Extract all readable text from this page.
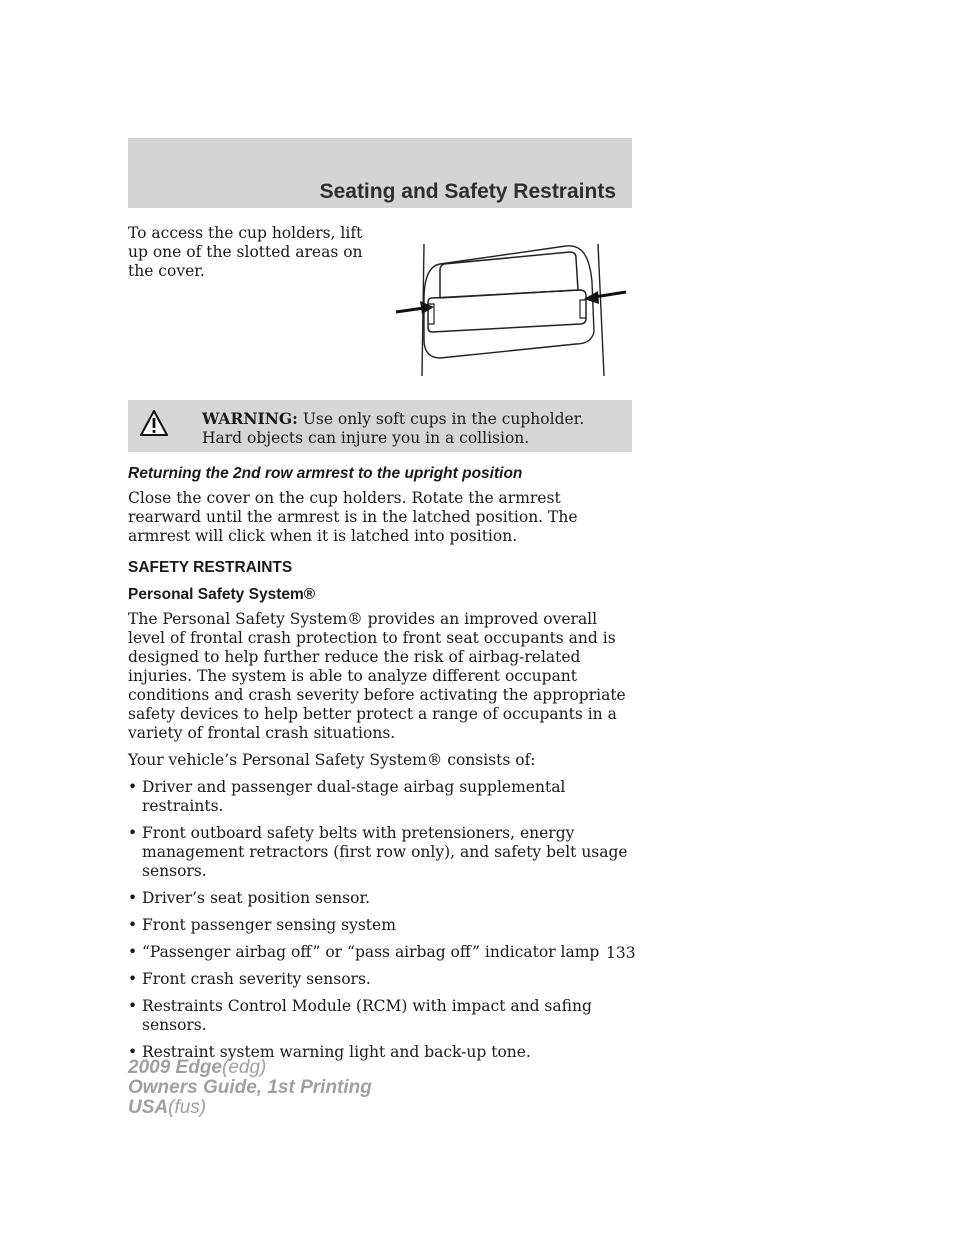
Seating and Safety Restraints
To access the cup holders, lift up one of the slotted areas on the cover.
WARNING: Use only soft cups in the cupholder. Hard objects can injure you in a collision.
Returning the 2nd row armrest to the upright position

Close the cover on the cup holders. Rotate the armrest rearward until the armrest is in the latched position. The armrest will click when it is latched into position.

SAFETY RESTRAINTS
Personal Safety System®

The Personal Safety System® provides an improved overall level of frontal crash protection to front seat occupants and is designed to help further reduce the risk of airbag-related injuries. The system is able to analyze different occupant conditions and crash severity before activating the appropriate safety devices to help better protect a range of occupants in a variety of frontal crash situations.

Your vehicle’s Personal Safety System® consists of:

• Driver and passenger dual-stage airbag supplemental restraints.
• Front outboard safety belts with pretensioners, energy management retractors (first row only), and safety belt usage sensors.
• Driver’s seat position sensor.
• Front passenger sensing system
• “Passenger airbag off” or “pass airbag off” indicator lamp
• Front crash severity sensors.
• Restraints Control Module (RCM) with impact and safing sensors.
• Restraint system warning light and back-up tone.
133
2009 Edge(edg)
Owners Guide, 1st Printing
USA(fus)
